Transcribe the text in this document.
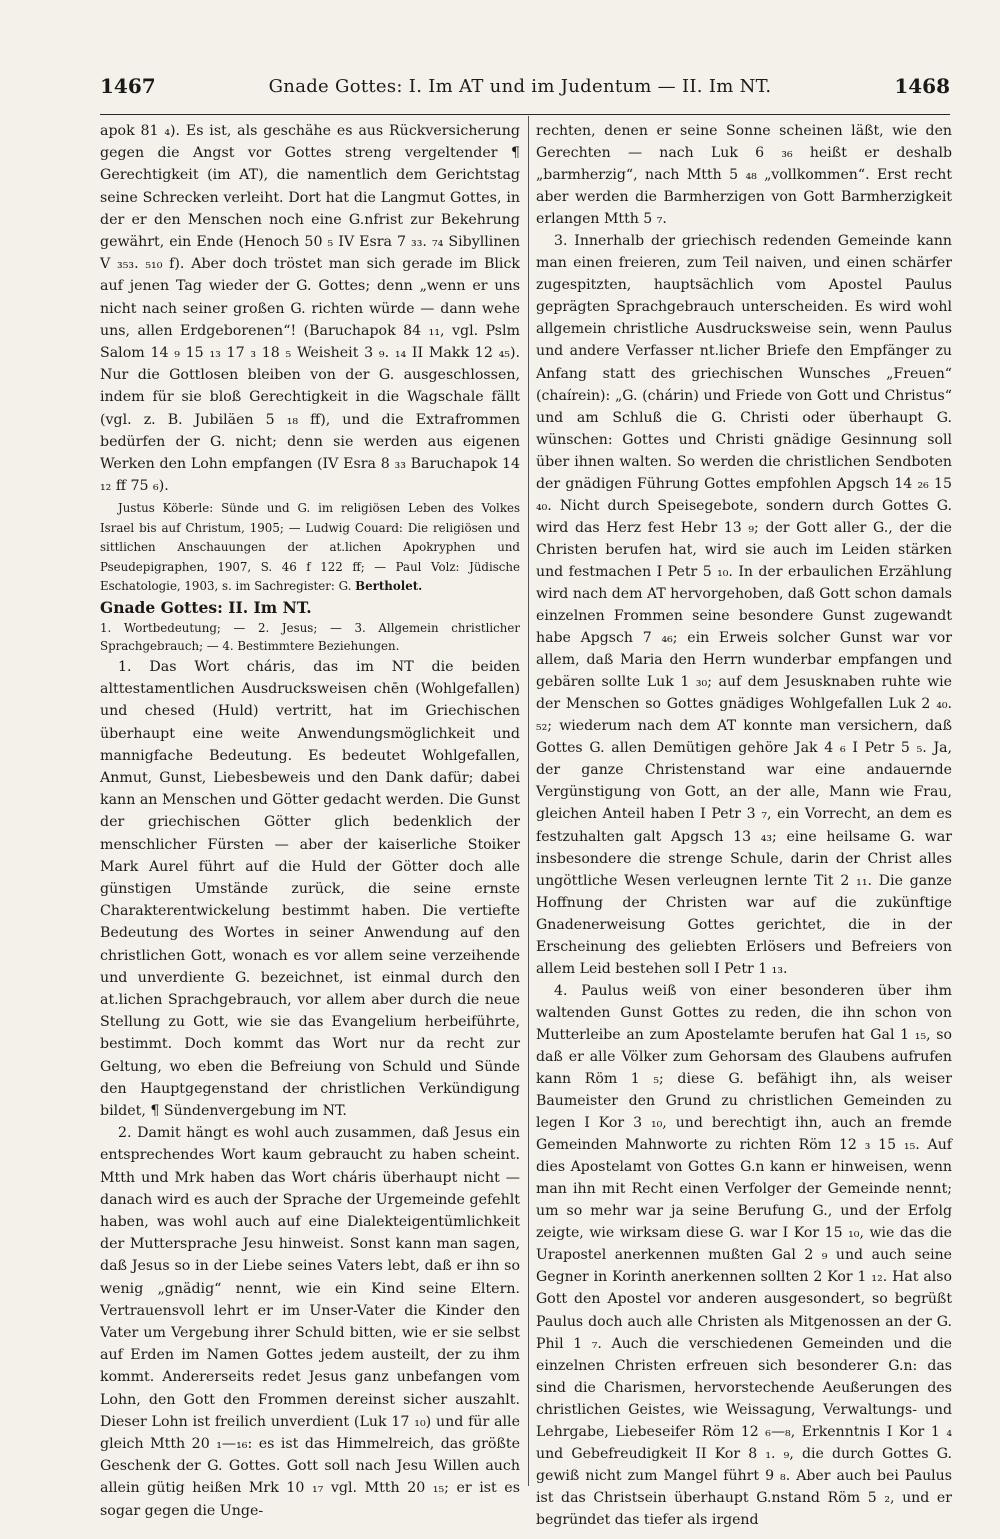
1467	Gnade Gottes: I. Im AT und im Judentum — II. Im NT.	1468

apok 81 ₄). Es ist, als geschähe es aus Rückversicherung gegen die Angst vor Gottes streng vergeltender ¶ Gerechtigkeit (im AT), die namentlich dem Gerichtstag seine Schrecken verleiht. Dort hat die Langmut Gottes, in der er den Menschen noch eine G.nfrist zur Bekehrung gewährt, ein Ende (Henoch 50 ₅ IV Esra 7 ₃₃. ₇₄ Sibyllinen V ₃₅₃. ₅₁₀ f). Aber doch tröstet man sich gerade im Blick auf jenen Tag wieder der G. Gottes; denn „wenn er uns nicht nach seiner großen G. richten würde — dann wehe uns, allen Erdgeborenen“! (Baruchapok 84 ₁₁, vgl. Pslm Salom 14 ₉ 15 ₁₃ 17 ₃ 18 ₅ Weisheit 3 ₉. ₁₄ II Makk 12 ₄₅). Nur die Gottlosen bleiben von der G. ausgeschlossen, indem für sie bloß Gerechtigkeit in die Wagschale fällt (vgl. z. B. Jubiläen 5 ₁₈ ff), und die Extrafrommen bedürfen der G. nicht; denn sie werden aus eigenen Werken den Lohn empfangen (IV Esra 8 ₃₃ Baruchapok 14 ₁₂ ff 75 ₆).

Justus Köberle: Sünde und G. im religiösen Leben des Volkes Israel bis auf Christum, 1905; — Ludwig Couard: Die religiösen und sittlichen Anschauungen der at.lichen Apokryphen und Pseudepigraphen, 1907, S. 46 f 122 ff; — Paul Volz: Jüdische Eschatologie, 1903, s. im Sachregister: G. Bertholet.

Gnade Gottes: II. Im NT.

1. Wortbedeutung; — 2. Jesus; — 3. Allgemein christlicher Sprachgebrauch; — 4. Bestimmtere Beziehungen.

1. Das Wort cháris, das im NT die beiden alttestamentlichen Ausdrucksweisen chēn (Wohlgefallen) und chesed (Huld) vertritt, hat im Griechischen überhaupt eine weite Anwendungsmöglichkeit und mannigfache Bedeutung. Es bedeutet Wohlgefallen, Anmut, Gunst, Liebesbeweis und den Dank dafür; dabei kann an Menschen und Götter gedacht werden. Die Gunst der griechischen Götter glich bedenklich der menschlicher Fürsten — aber der kaiserliche Stoiker Mark Aurel führt auf die Huld der Götter doch alle günstigen Umstände zurück, die seine ernste Charakterentwickelung bestimmt haben. Die vertiefte Bedeutung des Wortes in seiner Anwendung auf den christlichen Gott, wonach es vor allem seine verzeihende und unverdiente G. bezeichnet, ist einmal durch den at.lichen Sprachgebrauch, vor allem aber durch die neue Stellung zu Gott, wie sie das Evangelium herbeiführte, bestimmt. Doch kommt das Wort nur da recht zur Geltung, wo eben die Befreiung von Schuld und Sünde den Hauptgegenstand der christlichen Verkündigung bildet, ¶ Sündenvergebung im NT.

2. Damit hängt es wohl auch zusammen, daß Jesus ein entsprechendes Wort kaum gebraucht zu haben scheint. Mtth und Mrk haben das Wort cháris überhaupt nicht — danach wird es auch der Sprache der Urgemeinde gefehlt haben, was wohl auch auf eine Dialekteigentümlichkeit der Muttersprache Jesu hinweist. Sonst kann man sagen, daß Jesus so in der Liebe seines Vaters lebt, daß er ihn so wenig „gnädig“ nennt, wie ein Kind seine Eltern. Vertrauensvoll lehrt er im Unser-Vater die Kinder den Vater um Vergebung ihrer Schuld bitten, wie er sie selbst auf Erden im Namen Gottes jedem austeilt, der zu ihm kommt. Andererseits redet Jesus ganz unbefangen vom Lohn, den Gott den Frommen dereinst sicher auszahlt. Dieser Lohn ist freilich unverdient (Luk 17 ₁₀) und für alle gleich Mtth 20 ₁—₁₆: es ist das Himmelreich, das größte Geschenk der G. Gottes. Gott soll nach Jesu Willen auch allein gütig heißen Mrk 10 ₁₇ vgl. Mtth 20 ₁₅; er ist es sogar gegen die Unge-

rechten, denen er seine Sonne scheinen läßt, wie den Gerechten — nach Luk 6 ₃₆ heißt er deshalb „barmherzig“, nach Mtth 5 ₄₈ „vollkommen“. Erst recht aber werden die Barmherzigen von Gott Barmherzigkeit erlangen Mtth 5 ₇.

3. Innerhalb der griechisch redenden Gemeinde kann man einen freieren, zum Teil naiven, und einen schärfer zugespitzten, hauptsächlich vom Apostel Paulus geprägten Sprachgebrauch unterscheiden. Es wird wohl allgemein christliche Ausdrucksweise sein, wenn Paulus und andere Verfasser nt.licher Briefe den Empfänger zu Anfang statt des griechischen Wunsches „Freuen“ (chaírein): „G. (chárin) und Friede von Gott und Christus“ und am Schluß die G. Christi oder überhaupt G. wünschen: Gottes und Christi gnädige Gesinnung soll über ihnen walten. So werden die christlichen Sendboten der gnädigen Führung Gottes empfohlen Apgsch 14 ₂₆ 15 ₄₀. Nicht durch Speisegebote, sondern durch Gottes G. wird das Herz fest Hebr 13 ₉; der Gott aller G., der die Christen berufen hat, wird sie auch im Leiden stärken und festmachen I Petr 5 ₁₀. In der erbaulichen Erzählung wird nach dem AT hervorgehoben, daß Gott schon damals einzelnen Frommen seine besondere Gunst zugewandt habe Apgsch 7 ₄₆; ein Erweis solcher Gunst war vor allem, daß Maria den Herrn wunderbar empfangen und gebären sollte Luk 1 ₃₀; auf dem Jesusknaben ruhte wie der Menschen so Gottes gnädiges Wohlgefallen Luk 2 ₄₀. ₅₂; wiederum nach dem AT konnte man versichern, daß Gottes G. allen Demütigen gehöre Jak 4 ₆ I Petr 5 ₅. Ja, der ganze Christenstand war eine andauernde Vergünstigung von Gott, an der alle, Mann wie Frau, gleichen Anteil haben I Petr 3 ₇, ein Vorrecht, an dem es festzuhalten galt Apgsch 13 ₄₃; eine heilsame G. war insbesondere die strenge Schule, darin der Christ alles ungöttliche Wesen verleugnen lernte Tit 2 ₁₁. Die ganze Hoffnung der Christen war auf die zukünftige Gnadenerweisung Gottes gerichtet, die in der Erscheinung des geliebten Erlösers und Befreiers von allem Leid bestehen soll I Petr 1 ₁₃.

4. Paulus weiß von einer besonderen über ihm waltenden Gunst Gottes zu reden, die ihn schon von Mutterleibe an zum Apostelamte berufen hat Gal 1 ₁₅, so daß er alle Völker zum Gehorsam des Glaubens aufrufen kann Röm 1 ₅; diese G. befähigt ihn, als weiser Baumeister den Grund zu christlichen Gemeinden zu legen I Kor 3 ₁₀, und berechtigt ihn, auch an fremde Gemeinden Mahnworte zu richten Röm 12 ₃ 15 ₁₅. Auf dies Apostelamt von Gottes G.n kann er hinweisen, wenn man ihn mit Recht einen Verfolger der Gemeinde nennt; um so mehr war ja seine Berufung G., und der Erfolg zeigte, wie wirksam diese G. war I Kor 15 ₁₀, wie das die Urapostel anerkennen mußten Gal 2 ₉ und auch seine Gegner in Korinth anerkennen sollten 2 Kor 1 ₁₂. Hat also Gott den Apostel vor anderen ausgesondert, so begrüßt Paulus doch auch alle Christen als Mitgenossen an der G. Phil 1 ₇. Auch die verschiedenen Gemeinden und die einzelnen Christen erfreuen sich besonderer G.n: das sind die Charismen, hervorstechende Aeußerungen des christlichen Geistes, wie Weissagung, Verwaltungs- und Lehrgabe, Liebeseifer Röm 12 ₆—₈, Erkenntnis I Kor 1 ₄ und Gebefreudigkeit II Kor 8 ₁. ₉, die durch Gottes G. gewiß nicht zum Mangel führt 9 ₈. Aber auch bei Paulus ist das Christsein überhaupt G.nstand Röm 5 ₂, und er begründet das tiefer als irgend
